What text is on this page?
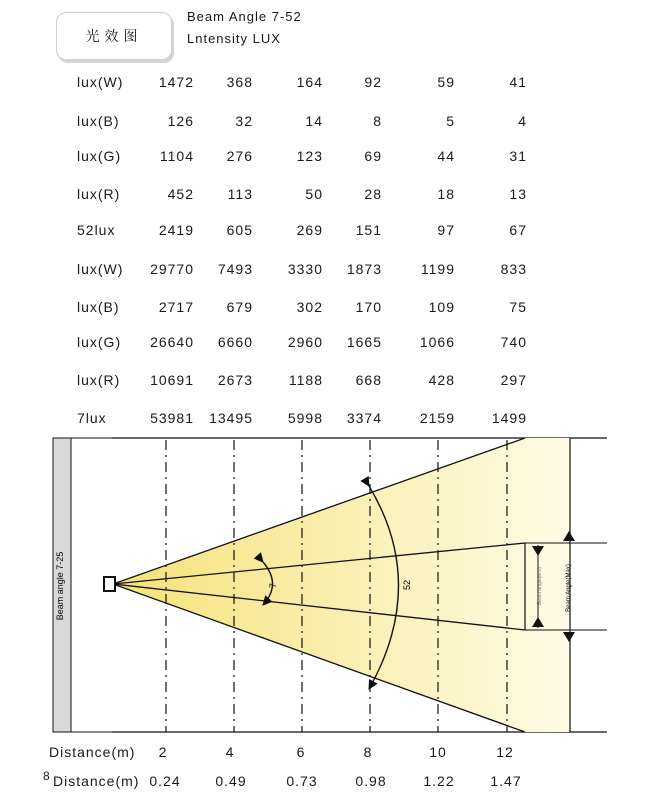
光效图
Beam Angle 7-52
Lntensity LUX
lux(W)	1472	368	164	92	59	41
lux(B)	126	32	14	8	5	4
lux(G)	1104	276	123	69	44	31
lux(R)	452	113	50	28	18	13
52lux	2419	605	269	151	97	67
lux(W)	29770	7493	3330	1873	1199	833
lux(B)	2717	679	302	170	109	75
lux(G)	26640	6660	2960	1665	1066	740
lux(R)	10691	2673	1188	668	428	297
7lux	53981	13495	5998	3374	2159	1499
7	52	Beam angle(Min)	Beam Angle(Max)
Beam angle 7-25
Distance(m)	2	4	6	8	10	12
8 Distance(m) 0.24	0.49	0.73	0.98	1.22	1.47
